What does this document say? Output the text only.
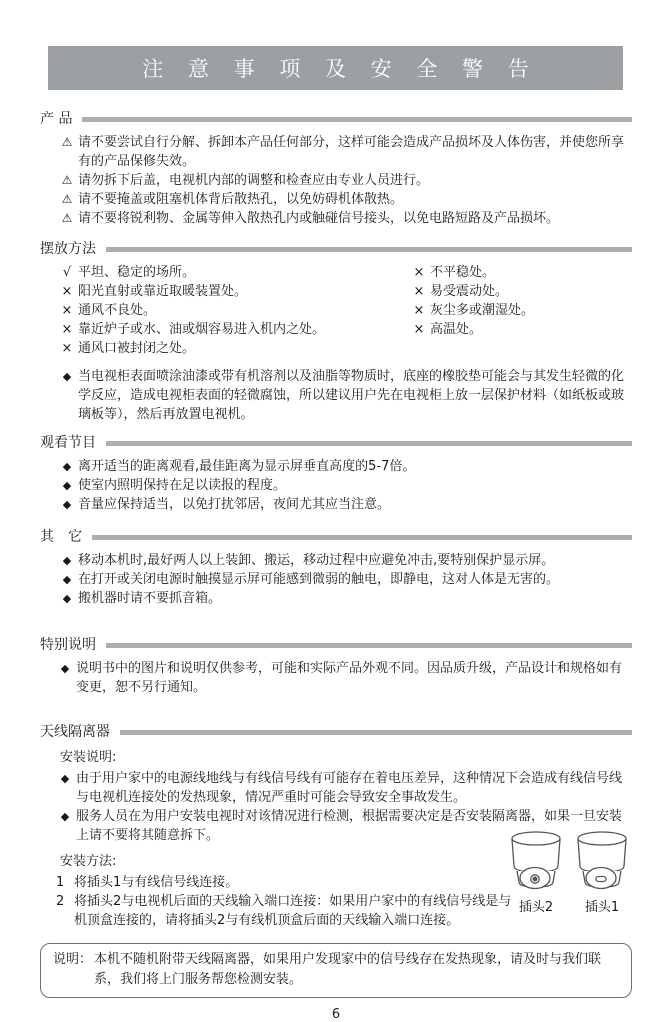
注 意 事 项 及 安 全 警 告
产 品
⚠ 请不要尝试自行分解、拆卸本产品任何部分，这样可能会造成产品损坏及人体伤害，并使您所享有的产品保修失效。
⚠ 请勿拆下后盖，电视机内部的调整和检查应由专业人员进行。
⚠ 请不要掩盖或阻塞机体背后散热孔，以免妨碍机体散热。
⚠ 请不要将锐利物、金属等伸入散热孔内或触碰信号接头，以免电路短路及产品损坏。
摆放方法
√ 平坦、稳定的场所。
× 阳光直射或靠近取暖装置处。
× 通风不良处。
× 靠近炉子或水、油或烟容易进入机内之处。
× 通风口被封闭之处。
× 不平稳处。
× 易受震动处。
× 灰尘多或潮湿处。
× 高温处。
◆ 当电视柜表面喷涂油漆或带有机溶剂以及油脂等物质时，底座的橡胶垫可能会与其发生轻微的化学反应，造成电视柜表面的轻微腐蚀，所以建议用户先在电视柜上放一层保护材料（如纸板或玻璃板等），然后再放置电视机。
观看节目
◆ 离开适当的距离观看,最佳距离为显示屏垂直高度的5-7倍。
◆ 使室内照明保持在足以读报的程度。
◆ 音量应保持适当，以免打扰邻居，夜间尤其应当注意。
其　它
◆ 移动本机时,最好两人以上装卸、搬运，移动过程中应避免冲击,要特别保护显示屏。
◆ 在打开或关闭电源时触摸显示屏可能感到微弱的触电，即静电，这对人体是无害的。
◆ 搬机器时请不要抓音箱。
特别说明
◆ 说明书中的图片和说明仅供参考，可能和实际产品外观不同。因品质升级，产品设计和规格如有变更，恕不另行通知。
天线隔离器
安装说明:
◆ 由于用户家中的电源线地线与有线信号线有可能存在着电压差异，这种情况下会造成有线信号线与电视机连接处的发热现象，情况严重时可能会导致安全事故发生。
◆ 服务人员在为用户安装电视时对该情况进行检测，根据需要决定是否安装隔离器，如果一旦安装上请不要将其随意拆下。
安装方法:
1 将插头1与有线信号线连接。
2 将插头2与电视机后面的天线输入端口连接：如果用户家中的有线信号线是与机顶盒连接的，请将插头2与有线机顶盒后面的天线输入端口连接。
插头2 插头1
说明： 本机不随机附带天线隔离器，如果用户发现家中的信号线存在发热现象，请及时与我们联系，我们将上门服务帮您检测安装。
6
